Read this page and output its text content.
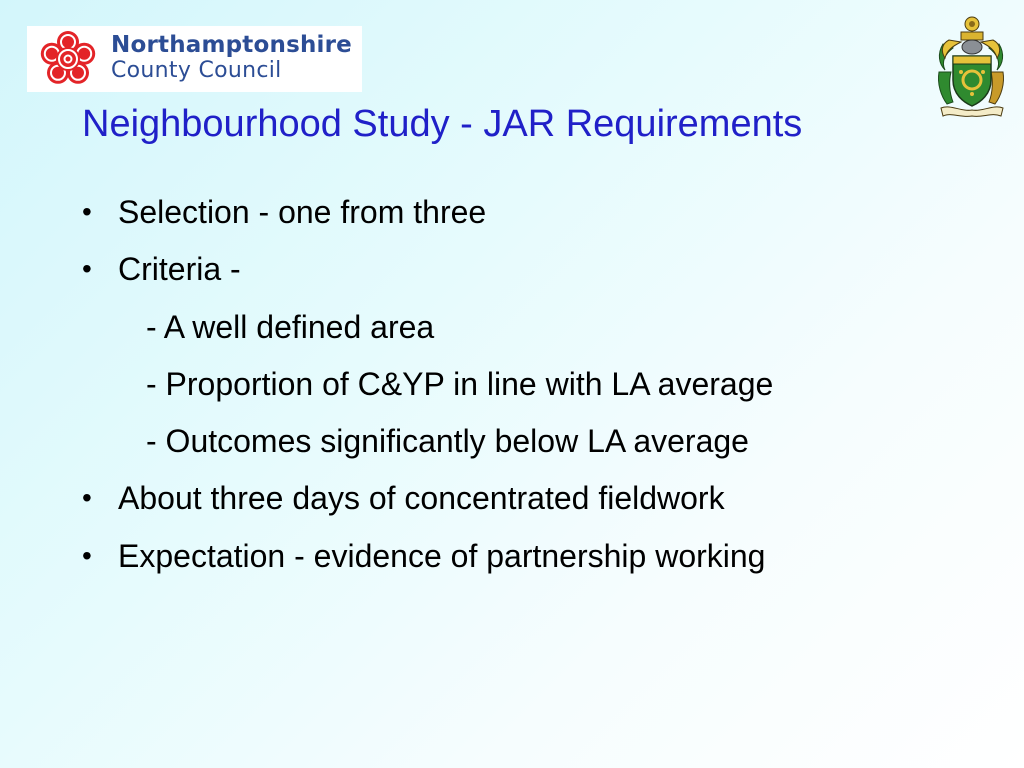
Northamptonshire
County Council
Neighbourhood Study - JAR Requirements
• Selection - one from three
• Criteria -
- A well defined area
- Proportion of C&YP in line with LA average
- Outcomes significantly below LA average
• About three days of concentrated fieldwork
• Expectation - evidence of partnership working
